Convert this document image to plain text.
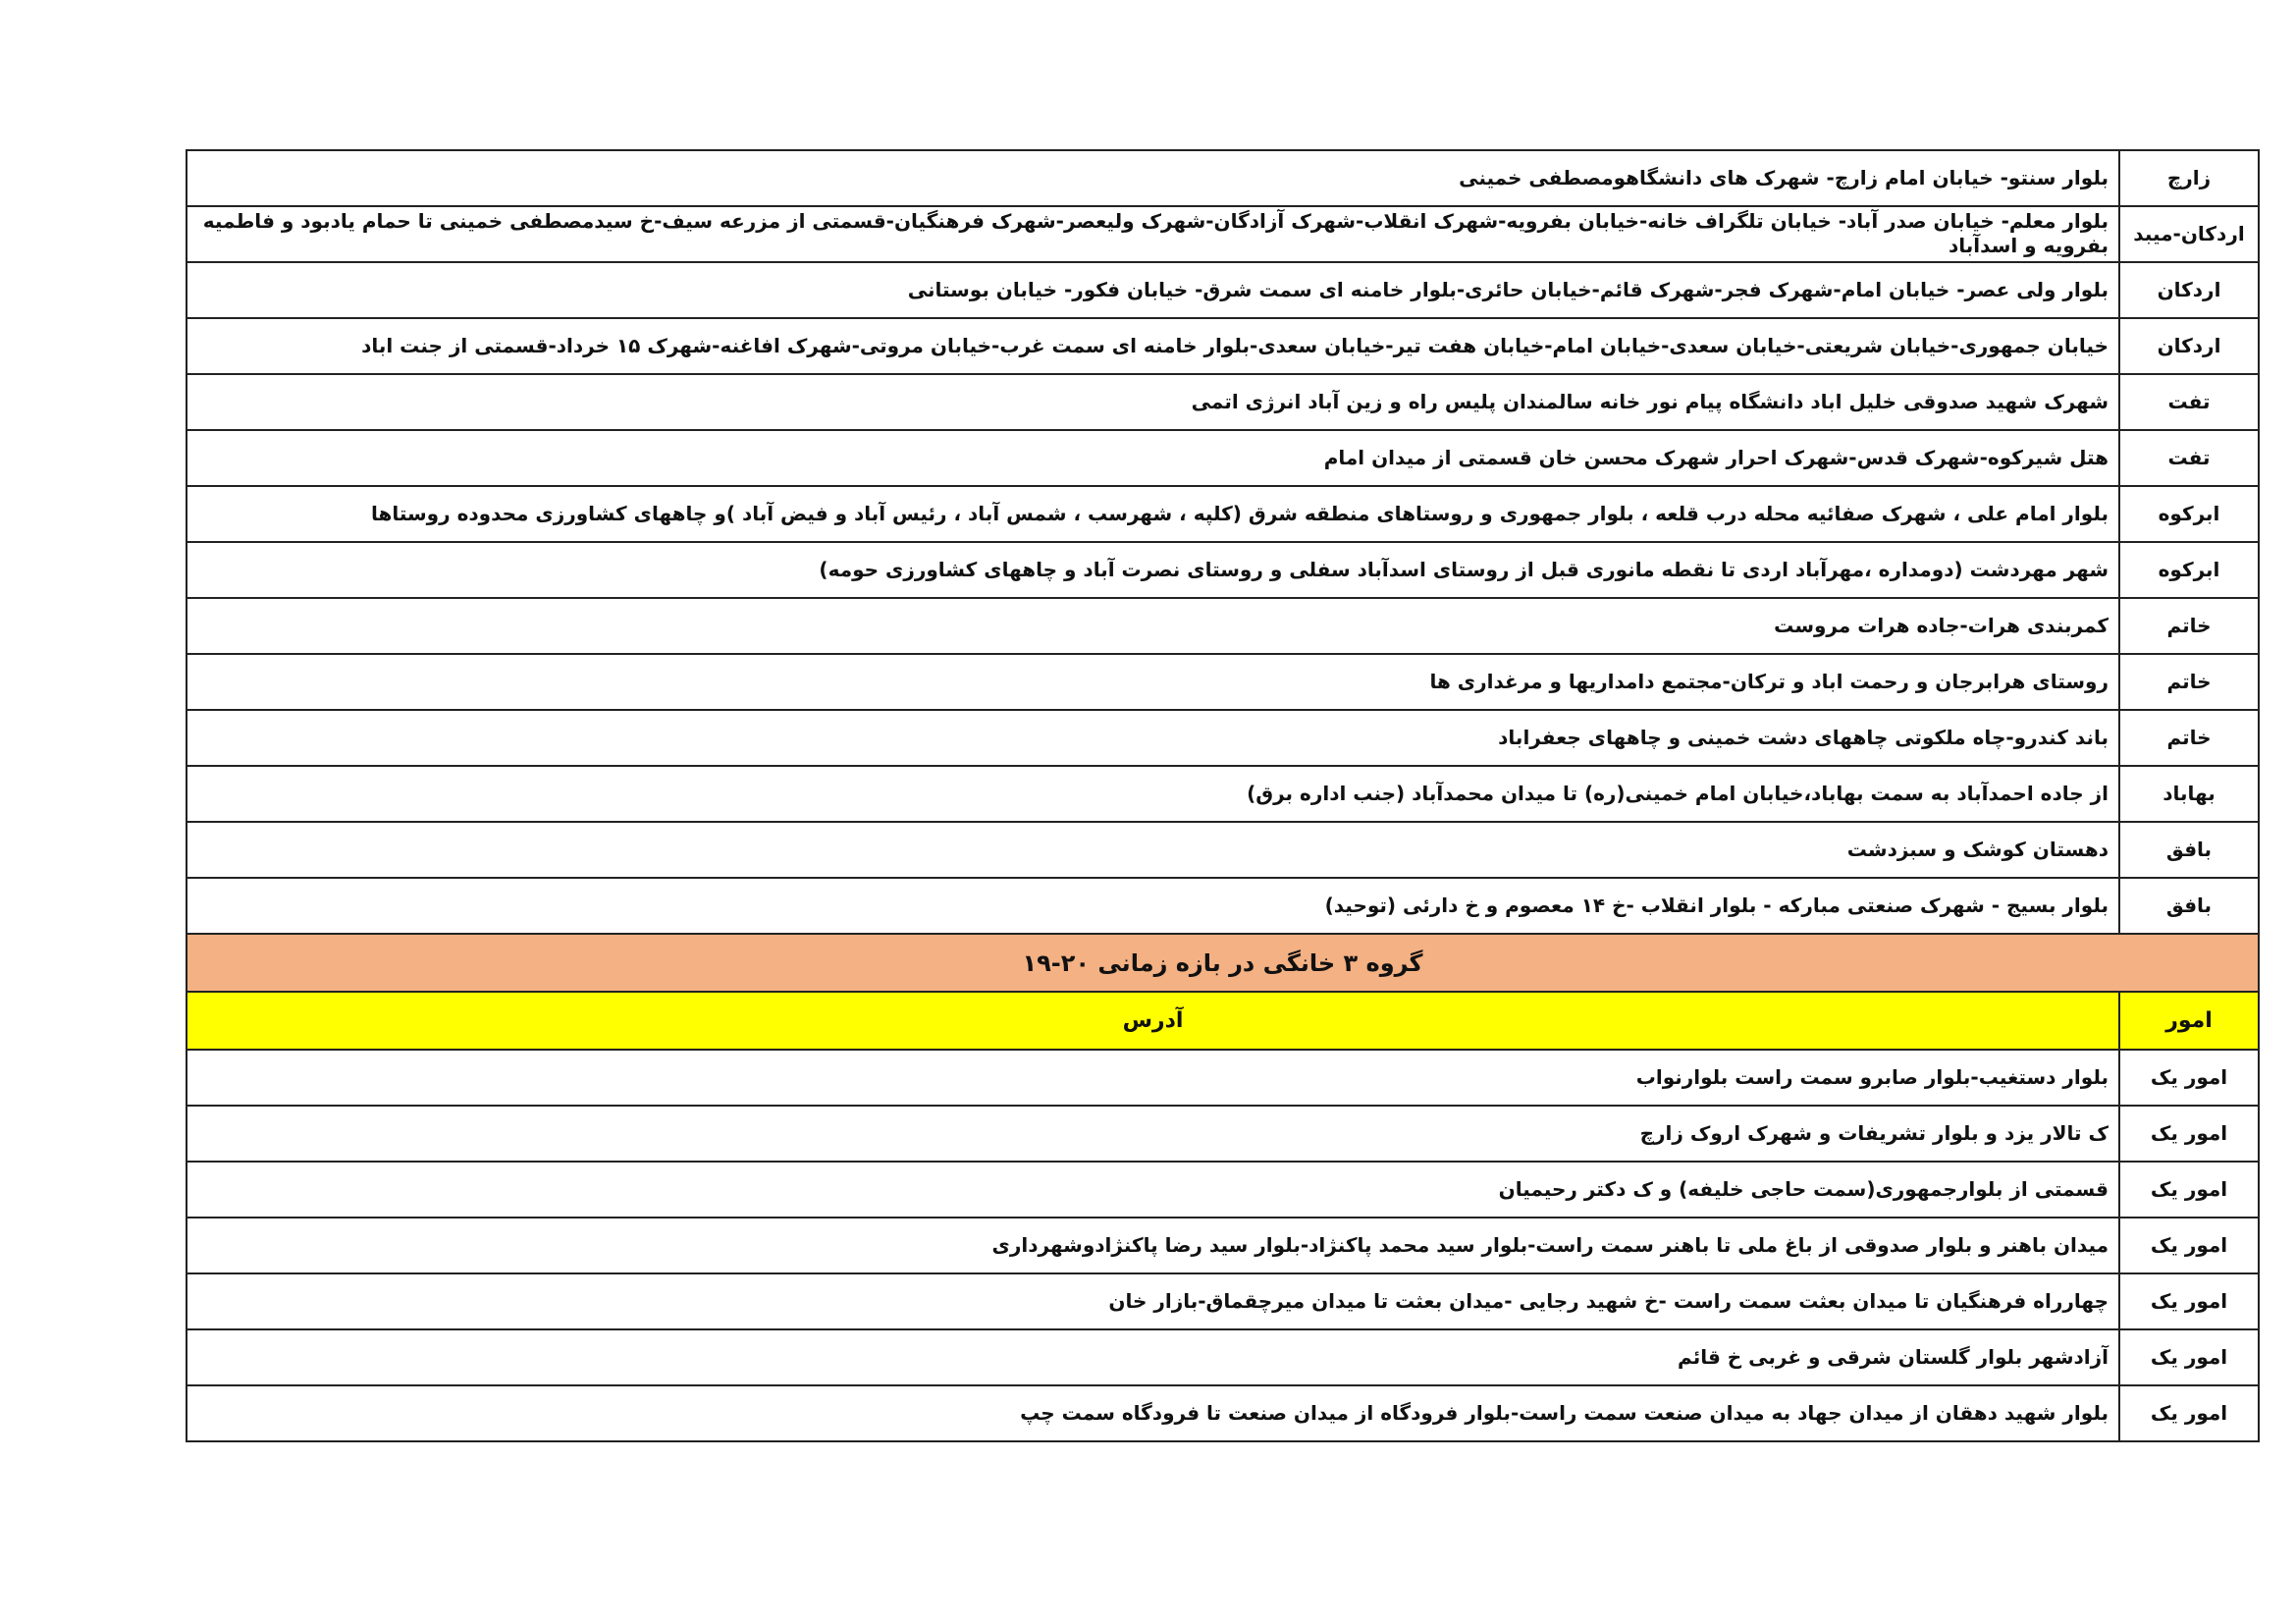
زارچ	بلوار سنتو- خیابان امام زارچ- شهرک های دانشگاهومصطفی خمینی
اردکان-میبد	بلوار معلم- خیابان صدر آباد- خیابان تلگراف خانه-خیابان بفرویه-شهرک انقلاب-شهرک آزادگان-شهرک ولیعصر-شهرک فرهنگیان-قسمتی از مزرعه سیف-خ سیدمصطفی خمینی تا حمام یادبود و فاطمیه بفرویه و اسدآباد
اردکان	بلوار ولی عصر- خیابان امام-شهرک فجر-شهرک قائم-خیابان حائری-بلوار خامنه ای سمت شرق- خیابان فکور- خیابان بوستانی
اردکان	خیابان جمهوری-خیابان شریعتی-خیابان سعدی-خیابان امام-خیابان هفت تیر-خیابان سعدی-بلوار خامنه ای سمت غرب-خیابان مروتی-شهرک افاغنه-شهرک ۱۵ خرداد-قسمتی از جنت اباد
تفت	شهرک شهید صدوقی خلیل اباد دانشگاه پیام نور خانه سالمندان پلیس راه و زین آباد انرژی اتمی
تفت	هتل شیرکوه-شهرک قدس-شهرک احرار شهرک محسن خان قسمتی از میدان امام
ابرکوه	بلوار امام علی ، شهرک صفائیه محله درب قلعه ، بلوار جمهوری و روستاهای منطقه شرق (کلپه ، شهرسب ، شمس آباد ، رئیس آباد و فیض آباد )و چاههای کشاورزی محدوده روستاها
ابرکوه	شهر مهردشت (دومداره ،مهرآباد اردی تا نقطه مانوری قبل از روستای اسدآباد سفلی و روستای نصرت آباد و چاههای کشاورزی حومه)
خاتم	کمربندی هرات-جاده هرات مروست
خاتم	روستای هرابرجان و رحمت اباد و ترکان-مجتمع دامداریها و مرغداری ها
خاتم	باند کندرو-چاه ملکوتی چاههای دشت خمینی و چاههای جعفراباد
بهاباد	از جاده احمدآباد به سمت بهاباد،خیابان امام خمینی(ره) تا میدان محمدآباد (جنب اداره برق)
بافق	دهستان کوشک و سبزدشت
بافق	بلوار بسیج - شهرک صنعتی مبارکه - بلوار انقلاب -خ ۱۴ معصوم و خ دارئی (توحید)
گروه ۳ خانگی در بازه زمانی ۲۰-۱۹	
امور	آدرس
امور یک	بلوار دستغیب-بلوار صابرو سمت راست بلوارنواب
امور یک	ک تالار یزد و بلوار تشریفات و شهرک اروک زارچ
امور یک	قسمتی از بلوارجمهوری(سمت حاجی خلیفه) و ک دکتر رحیمیان
امور یک	میدان باهنر و بلوار صدوقی از باغ ملی تا باهنر سمت راست-بلوار سید محمد پاکنژاد-بلوار سید رضا پاکنژادوشهرداری
امور یک	چهارراه فرهنگیان تا میدان بعثت سمت راست -خ شهید رجایی -میدان بعثت تا میدان میرچقماق-بازار خان
امور یک	آزادشهر بلوار گلستان شرقی و غربی خ قائم
امور یک	بلوار شهید دهقان از میدان جهاد به میدان صنعت سمت راست-بلوار فرودگاه از میدان صنعت تا فرودگاه سمت چپ
